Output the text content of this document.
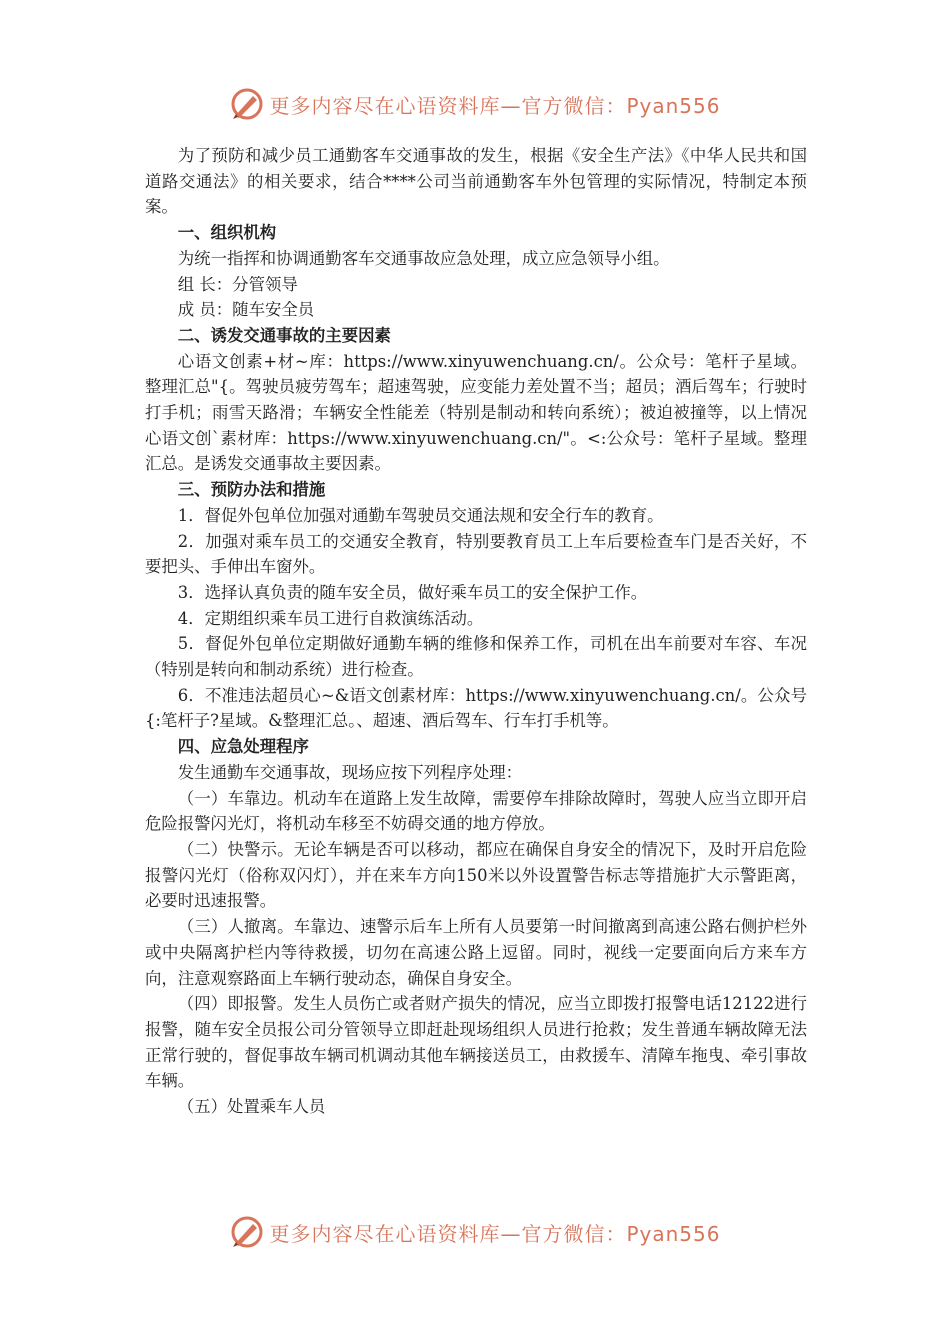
更多内容尽在心语资料库—官方微信：Pyan556

为了预防和减少员工通勤客车交通事故的发生，根据《安全生产法》《中华人民共和国道路交通法》的相关要求，结合****公司当前通勤客车外包管理的实际情况，特制定本预案。

一、组织机构

为统一指挥和协调通勤客车交通事故应急处理，成立应急领导小组。

组 长：分管领导

成 员：随车安全员

二、诱发交通事故的主要因素

心语文创素+材~库：https://www.xinyuwenchuang.cn/。公众号：笔杆子星域。整理汇总"{。驾驶员疲劳驾车；超速驾驶，应变能力差处置不当；超员；酒后驾车；行驶时打手机；雨雪天路滑；车辆安全性能差（特别是制动和转向系统）；被迫被撞等，以上情况心语文创`素材库：https://www.xinyuwenchuang.cn/"。<:公众号：笔杆子星域。整理汇总。是诱发交通事故主要因素。

三、预防办法和措施

1．督促外包单位加强对通勤车驾驶员交通法规和安全行车的教育。

2．加强对乘车员工的交通安全教育，特别要教育员工上车后要检查车门是否关好，不要把头、手伸出车窗外。

3．选择认真负责的随车安全员，做好乘车员工的安全保护工作。

4．定期组织乘车员工进行自救演练活动。

5．督促外包单位定期做好通勤车辆的维修和保养工作，司机在出车前要对车容、车况（特别是转向和制动系统）进行检查。

6．不准违法超员心~&语文创素材库：https://www.xinyuwenchuang.cn/。公众号{:笔杆子?星域。&整理汇总。、超速、酒后驾车、行车打手机等。

四、应急处理程序

发生通勤车交通事故，现场应按下列程序处理：

（一）车靠边。机动车在道路上发生故障，需要停车排除故障时，驾驶人应当立即开启危险报警闪光灯，将机动车移至不妨碍交通的地方停放。

（二）快警示。无论车辆是否可以移动，都应在确保自身安全的情况下，及时开启危险报警闪光灯（俗称双闪灯），并在来车方向150米以外设置警告标志等措施扩大示警距离，必要时迅速报警。

（三）人撤离。车靠边、速警示后车上所有人员要第一时间撤离到高速公路右侧护栏外或中央隔离护栏内等待救援，切勿在高速公路上逗留。同时，视线一定要面向后方来车方向，注意观察路面上车辆行驶动态，确保自身安全。

（四）即报警。发生人员伤亡或者财产损失的情况，应当立即拨打报警电话12122进行报警，随车安全员报公司分管领导立即赶赴现场组织人员进行抢救；发生普通车辆故障无法正常行驶的，督促事故车辆司机调动其他车辆接送员工，由救援车、清障车拖曳、牵引事故车辆。

（五）处置乘车人员

更多内容尽在心语资料库—官方微信：Pyan556
